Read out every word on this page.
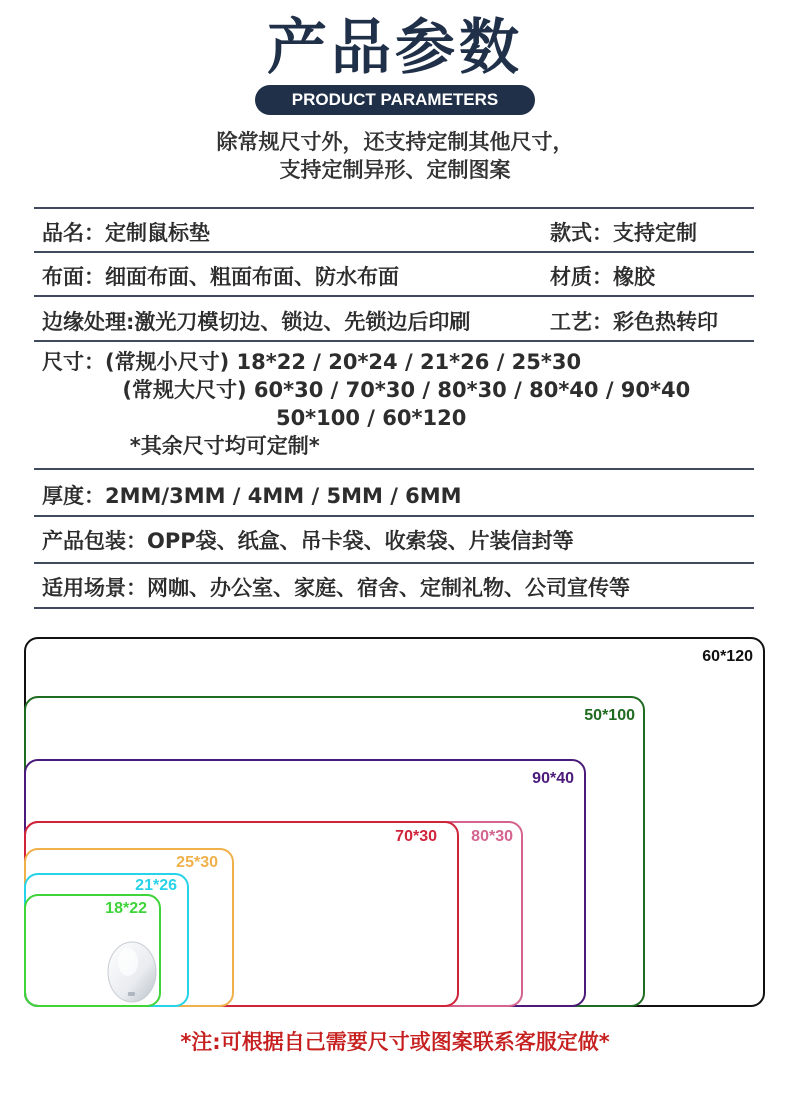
产品参数
PRODUCT PARAMETERS
除常规尺寸外，还支持定制其他尺寸，
支持定制异形、定制图案
品名：定制鼠标垫	款式：支持定制
布面：细面布面、粗面布面、防水布面	材质：橡胶
边缘处理:激光刀模切边、锁边、先锁边后印刷	工艺：彩色热转印
尺寸：(常规小尺寸) 18*22 / 20*24 / 21*26 / 25*30
(常规大尺寸) 60*30 / 70*30 / 80*30 / 80*40 / 90*40
50*100 / 60*120
*其余尺寸均可定制*
厚度：2MM/3MM / 4MM / 5MM / 6MM
产品包装：OPP袋、纸盒、吊卡袋、收索袋、片装信封等
适用场景：网咖、办公室、家庭、宿舍、定制礼物、公司宣传等
60*120
50*100
90*40
80*30
70*30
25*30
21*26
18*22
*注:可根据自己需要尺寸或图案联系客服定做*
